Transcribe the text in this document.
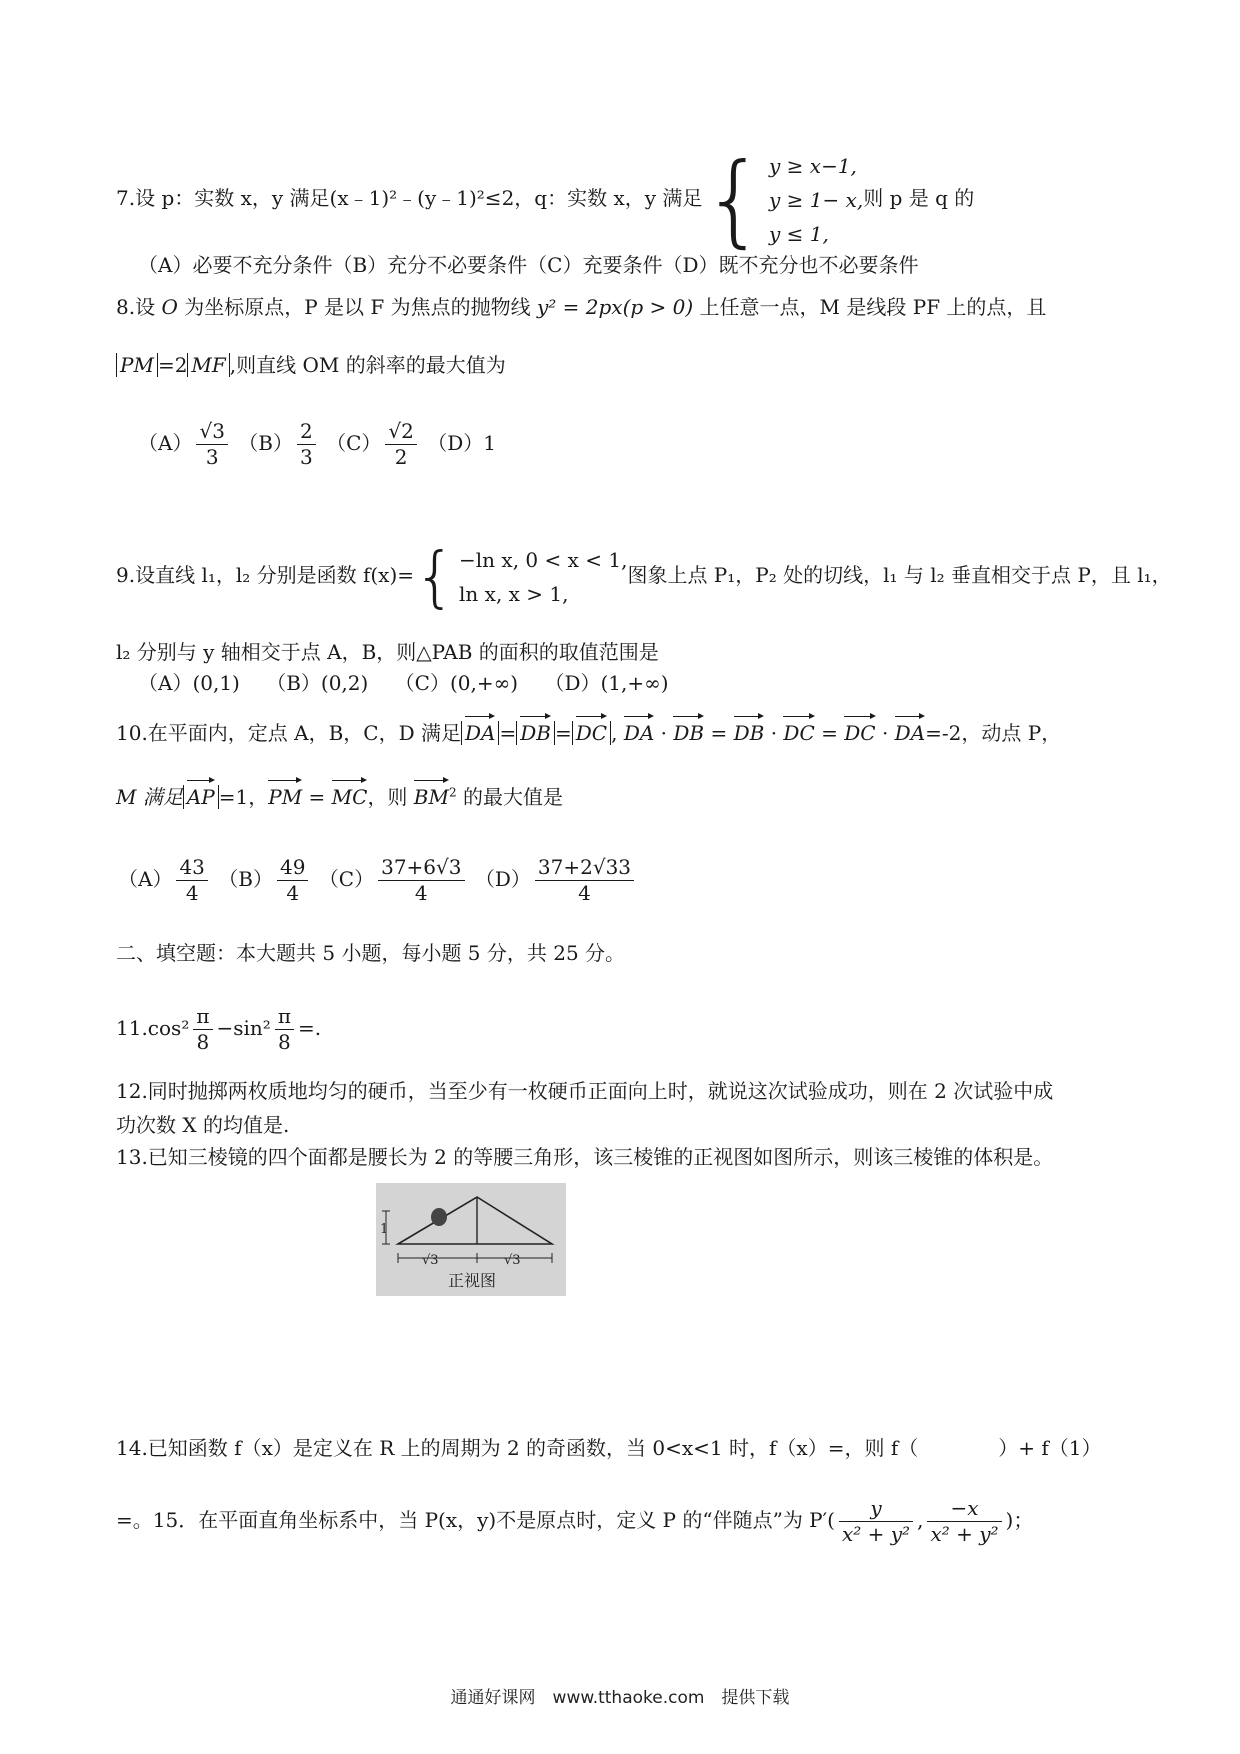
7.设 p：实数 x，y 满足(x﹣1)²﹣(y﹣1)²≤2，q：实数 x，y 满足 { y ≥ x−1,
y ≥ 1− x,
y ≤ 1,
则 p 是 q 的
（A）必要不充分条件（B）充分不必要条件（C）充要条件（D）既不充分也不必要条件
8.设 O 为坐标原点，P 是以 F 为焦点的抛物线 y² = 2px(p > 0) 上任意一点，M 是线段 PF 上的点，且
PM =2 MF ,则直线 OM 的斜率的最大值为
$(A) \frac{√3}{3} (B) \frac{2}{3} (C) \frac{√2}{2} (D)1$
9.设直线 l₁，l₂ 分别是函数 f(x)= { −ln x, 0 < x < 1,
ln x, x > 1,
图象上点 P₁，P₂ 处的切线，l₁ 与 l₂ 垂直相交于点 P，且 l₁，
l₂ 分别与 y 轴相交于点 A，B，则△PAB 的面积的取值范围是
（A）(0,1)　 （B）(0,2)　 （C）(0,+∞)　 （D）(1,+∞)
10.在平面内，定点 A，B，C，D 满足 DA = DB = DC , DA · DB = DB · DC = DC · DA=-2，动点 P，
M 满足 AP =1，PM = MC，则 $BM^2$ 的最大值是
$(A) \frac{43}{4} (B) \frac{49}{4} (C) \frac{37+6√3}{4} (D) \frac{37+2√33}{4}$
二、填空题：本大题共 5 小题，每小题 5 分，共 25 分。
$11.\cos^2 \frac{\pi}{8} -\sin^2 \frac{\pi}{8}$ =.
12.同时抛掷两枚质地均匀的硬币，当至少有一枚硬币正面向上时，就说这次试验成功，则在 2 次试验中成
功次数 X 的均值是.
13.已知三棱镜的四个面都是腰长为 2 的等腰三角形，该三棱锥的正视图如图所示，则该三棱锥的体积是。
1
√3	√3
正视图
14.已知函数 f（x）是定义在 R 上的周期为 2 的奇函数，当 0<x<1 时，f（x）=，则 f（　　　　）+ f（1）
=。15．在平面直角坐标系中，当 P(x，y)不是原点时，定义 P 的“伴随点”为 $P'( \frac{y}{\text{x² + y²}}$ , $\frac{-x}{\text{x² + y²}}$ )；
通通好课网　www.tthaoke.com　提供下载
